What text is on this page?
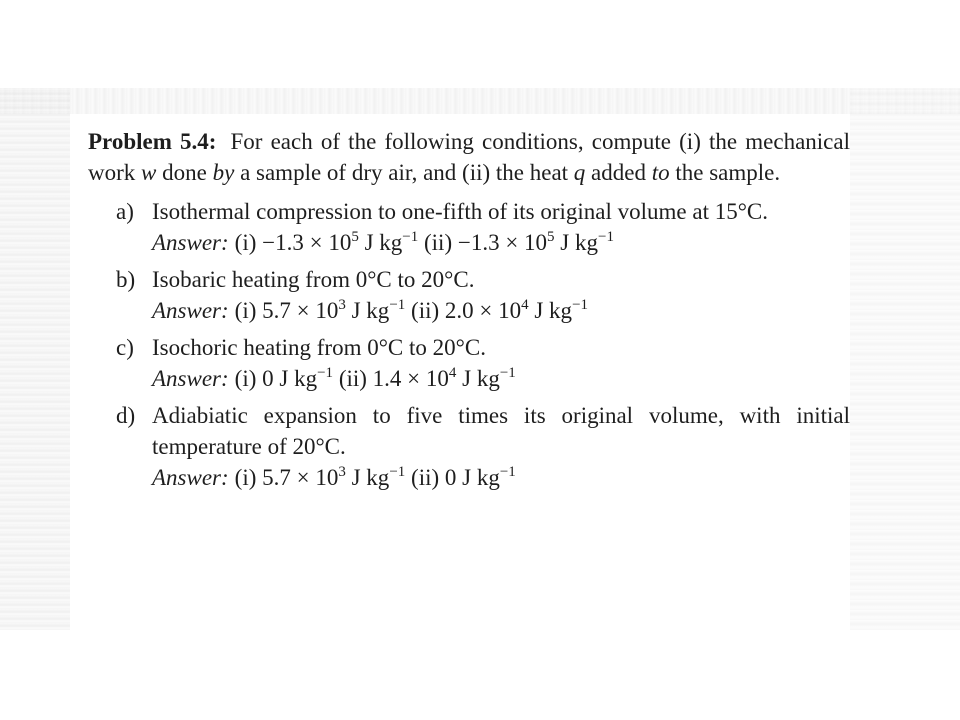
Problem 5.4: For each of the following conditions, compute (i) the mechanical work w done by a sample of dry air, and (ii) the heat q added to the sample.
a) Isothermal compression to one-fifth of its original volume at 15°C.
Answer: $(i) -1.3 \times 10^5$ J $kg^{-1}$ $(ii) -1.3 \times 10^5$ J $kg^{-1}$
b) Isobaric heating from 0°C to 20°C.
Answer: (i) $5.7 \times 10^3$ J $kg^{-1}$ (ii) $2.0 \times 10^4$ J $kg^{-1}$
c) Isochoric heating from 0°C to 20°C.
Answer: (i) 0 J $kg^{-1}$ (ii) $1.4 \times 10^4$ J $kg^{-1}$
d) Adiabiatic expansion to five times its original volume, with initial temperature of 20°C.
Answer: (i) $5.7 \times 10^3$ J $kg^{-1}$ (ii) 0 J $kg^{-1}$
